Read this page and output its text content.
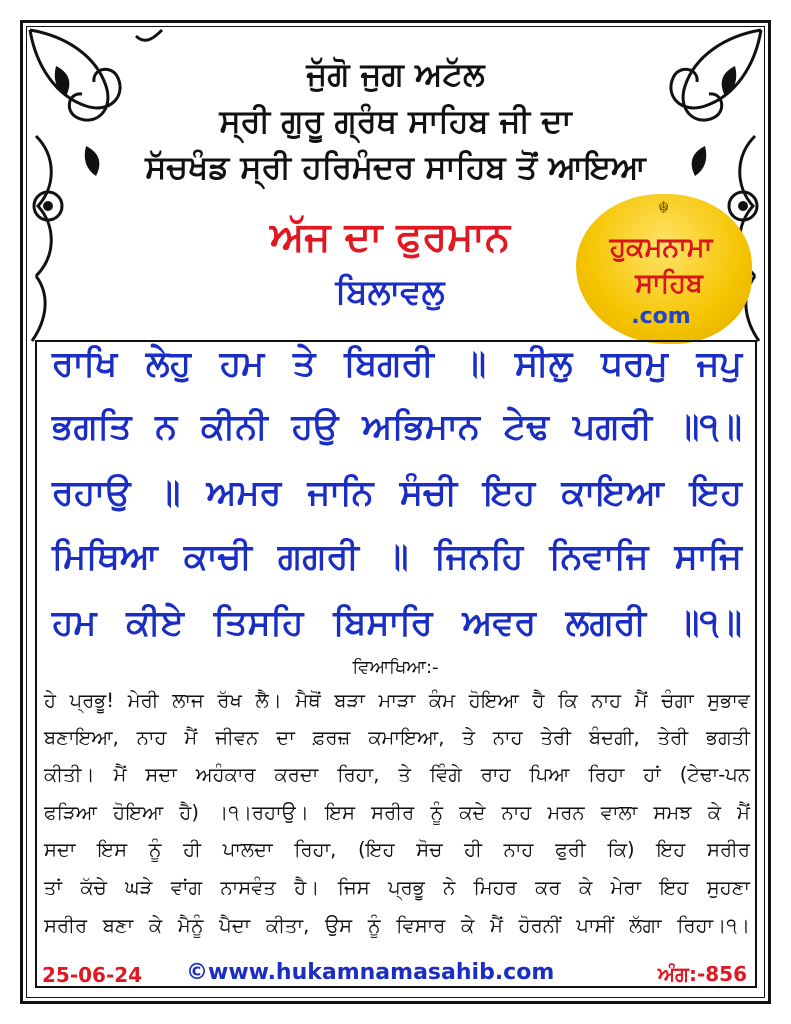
ਜੁੱਗੋ ਜੁਗ ਅਟੱਲ
ਸ੍ਰੀ ਗੁਰੂ ਗ੍ਰੰਥ ਸਾਹਿਬ ਜੀ ਦਾ
ਸੱਚਖੰਡ ਸ੍ਰੀ ਹਰਿਮੰਦਰ ਸਾਹਿਬ ਤੋਂ ਆਇਆ
ਅੱਜ ਦਾ ਫੁਰਮਾਨ
ਬਿਲਾਵਲੁ
☬
ਹੁਕਮਨਾਮਾ
ਸਾਹਿਬ
.com
ਰਾਖਿ ਲੇਹੁ ਹਮ ਤੇ ਬਿਗਰੀ ॥ ਸੀਲੁ ਧਰਮੁ ਜਪੁ
ਭਗਤਿ ਨ ਕੀਨੀ ਹਉ ਅਭਿਮਾਨ ਟੇਢ ਪਗਰੀ ॥੧॥
ਰਹਾਉ ॥ ਅਮਰ ਜਾਨਿ ਸੰਚੀ ਇਹ ਕਾਇਆ ਇਹ
ਮਿਥਿਆ ਕਾਚੀ ਗਗਰੀ ॥ ਜਿਨਹਿ ਨਿਵਾਜਿ ਸਾਜਿ
ਹਮ ਕੀਏ ਤਿਸਹਿ ਬਿਸਾਰਿ ਅਵਰ ਲਗਰੀ ॥੧॥
ਵਿਆਖਿਆ:-
ਹੇ ਪ੍ਰਭੂ! ਮੇਰੀ ਲਾਜ ਰੱਖ ਲੈ। ਮੈਥੋਂ ਬੜਾ ਮਾੜਾ ਕੰਮ ਹੋਇਆ ਹੈ ਕਿ ਨਾਹ ਮੈਂ ਚੰਗਾ ਸੁਭਾਵ
ਬਣਾਇਆ, ਨਾਹ ਮੈਂ ਜੀਵਨ ਦਾ ਫ਼ਰਜ਼ ਕਮਾਇਆ, ਤੇ ਨਾਹ ਤੇਰੀ ਬੰਦਗੀ, ਤੇਰੀ ਭਗਤੀ
ਕੀਤੀ। ਮੈਂ ਸਦਾ ਅਹੰਕਾਰ ਕਰਦਾ ਰਿਹਾ, ਤੇ ਵਿੰਗੇ ਰਾਹ ਪਿਆ ਰਿਹਾ ਹਾਂ (ਟੇਢਾ-ਪਨ
ਫੜਿਆ ਹੋਇਆ ਹੈ) ।੧।ਰਹਾਉ। ਇਸ ਸਰੀਰ ਨੂੰ ਕਦੇ ਨਾਹ ਮਰਨ ਵਾਲਾ ਸਮਝ ਕੇ ਮੈਂ
ਸਦਾ ਇਸ ਨੂੰ ਹੀ ਪਾਲਦਾ ਰਿਹਾ, (ਇਹ ਸੋਚ ਹੀ ਨਾਹ ਫੁਰੀ ਕਿ) ਇਹ ਸਰੀਰ
ਤਾਂ ਕੱਚੇ ਘੜੇ ਵਾਂਗ ਨਾਸਵੰਤ ਹੈ। ਜਿਸ ਪ੍ਰਭੂ ਨੇ ਮਿਹਰ ਕਰ ਕੇ ਮੇਰਾ ਇਹ ਸੁਹਣਾ
ਸਰੀਰ ਬਣਾ ਕੇ ਮੈਨੂੰ ਪੈਦਾ ਕੀਤਾ, ਉਸ ਨੂੰ ਵਿਸਾਰ ਕੇ ਮੈਂ ਹੋਰਨੀਂ ਪਾਸੀਂ ਲੱਗਾ ਰਿਹਾ।੧।
25-06-24 ©www.hukamnamasahib.com	ਅੰਗ:-856
